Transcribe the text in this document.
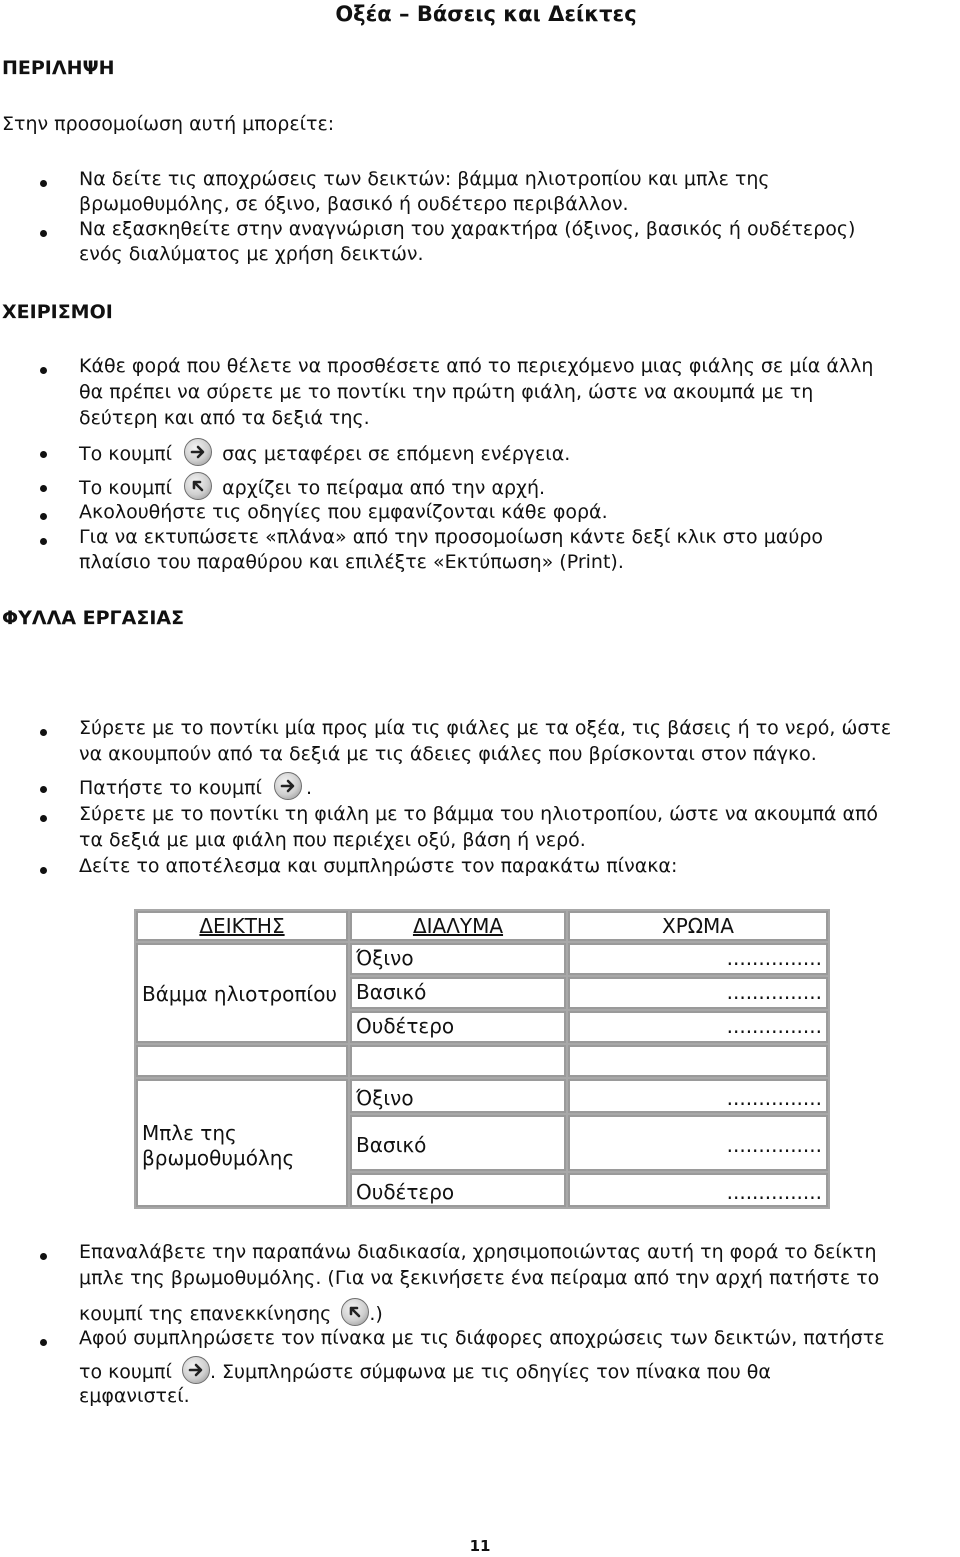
Οξέα – Βάσεις και Δείκτες
ΠΕΡΙΛΗΨΗ
Στην προσομοίωση αυτή μπορείτε:
Να δείτε τις αποχρώσεις των δεικτών: βάμμα ηλιοτροπίου και μπλε της
βρωμοθυμόλης, σε όξινο, βασικό ή ουδέτερο περιβάλλον.
Να εξασκηθείτε στην αναγνώριση του χαρακτήρα (όξινος, βασικός ή ουδέτερος)
ενός διαλύματος με χρήση δεικτών.
ΧΕΙΡΙΣΜΟΙ
Κάθε φορά που θέλετε να προσθέσετε από το περιεχόμενο μιας φιάλης σε μία άλλη
θα πρέπει να σύρετε με το ποντίκι την πρώτη φιάλη, ώστε να ακουμπά με τη
δεύτερη και από τα δεξιά της.
Το κουμπί	σας μεταφέρει σε επόμενη ενέργεια.
Το κουμπί	αρχίζει το πείραμα από την αρχή.
Ακολουθήστε τις οδηγίες που εμφανίζονται κάθε φορά.
Για να εκτυπώσετε «πλάνα» από την προσομοίωση κάντε δεξί κλικ στο μαύρο
πλαίσιο του παραθύρου και επιλέξτε «Εκτύπωση» (Print).
ΦΥΛΛΑ ΕΡΓΑΣΙΑΣ
Σύρετε με το ποντίκι μία προς μία τις φιάλες με τα οξέα, τις βάσεις ή το νερό, ώστε
να ακουμπούν από τα δεξιά με τις άδειες φιάλες που βρίσκονται στον πάγκο.
Πατήστε το κουμπί .
Σύρετε με το ποντίκι τη φιάλη με το βάμμα του ηλιοτροπίου, ώστε να ακουμπά από
τα δεξιά με μια φιάλη που περιέχει οξύ, βάση ή νερό.
Δείτε το αποτέλεσμα και συμπληρώστε τον παρακάτω πίνακα:
ΔΕΙΚΤΗΣ	ΔΙΑΛΥΜΑ	ΧΡΩΜΑ
Βάμμα ηλιοτροπίου
Όξινο	...............
Βασικό	...............
Ουδέτερο	...............
Μπλε της
βρωμοθυμόλης
Όξινο	...............
Βασικό	...............
Ουδέτερο	...............
Επαναλάβετε την παραπάνω διαδικασία, χρησιμοποιώντας αυτή τη φορά το δείκτη
μπλε της βρωμοθυμόλης. (Για να ξεκινήσετε ένα πείραμα από την αρχή πατήστε το
κουμπί της επανεκκίνησης .)
Αφού συμπληρώσετε τον πίνακα με τις διάφορες αποχρώσεις των δεικτών, πατήστε
το κουμπί . Συμπληρώστε σύμφωνα με τις οδηγίες τον πίνακα που θα
εμφανιστεί.
11
